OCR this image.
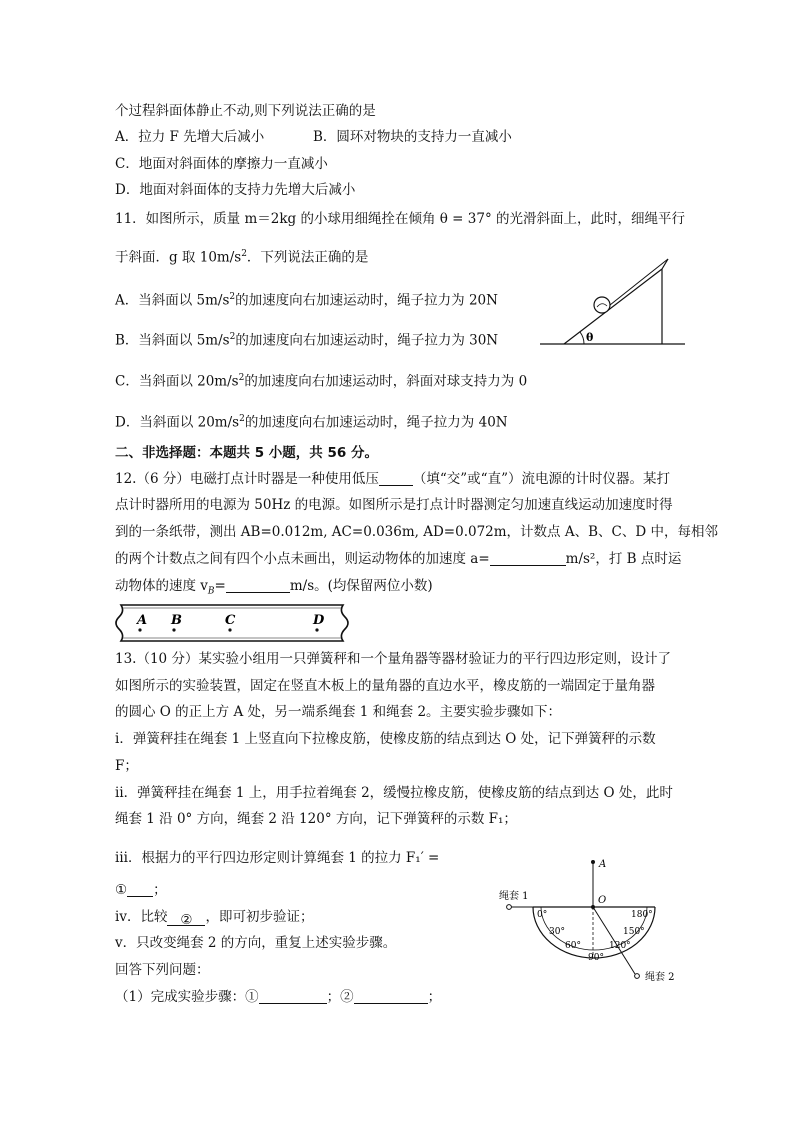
个过程斜面体静止不动,则下列说法正确的是
A．拉力 F 先增大后减小	B．圆环对物块的支持力一直减小
C．地面对斜面体的摩擦力一直减小
D．地面对斜面体的支持力先增大后减小
11．如图所示，质量 m＝2kg 的小球用细绳拴在倾角 θ = 37° 的光滑斜面上，此时，细绳平行
于斜面．g 取 $10m/s^2$．下列说法正确的是
A．当斜面以 $5m/s^2$的加速度向右加速运动时，绳子拉力为 20N
B．当斜面以 $5m/s^2$的加速度向右加速运动时，绳子拉力为 30N
C．当斜面以 $20m/s^2$的加速度向右加速运动时，斜面对球支持力为 0
D．当斜面以 $20m/s^2$的加速度向右加速运动时，绳子拉力为 40N
θ
二、非选择题：本题共 5 小题，共 56 分。
12.（6 分）电磁打点计时器是一种使用低压	（填“交”或“直”）流电源的计时仪器。某打
点计时器所用的电源为 50Hz 的电源。如图所示是打点计时器测定匀加速直线运动加速度时得
到的一条纸带，测出 AB=0.012m, AC=0.036m, AD=0.072m，计数点 A、B、C、D 中，每相邻
的两个计数点之间有四个小点未画出，则运动物体的加速度 a=	m/s²，打 B 点时运
动物体的速度 $v_B=$	m/s。(均保留两位小数)
A B	C	D
13.（10 分）某实验小组用一只弹簧秤和一个量角器等器材验证力的平行四边形定则，设计了
如图所示的实验装置，固定在竖直木板上的量角器的直边水平，橡皮筋的一端固定于量角器
的圆心 O 的正上方 A 处，另一端系绳套 1 和绳套 2。主要实验步骤如下：
ⅰ．弹簧秤挂在绳套 1 上竖直向下拉橡皮筋，使橡皮筋的结点到达 O 处，记下弹簧秤的示数
F；
ⅱ．弹簧秤挂在绳套 1 上，用手拉着绳套 2，缓慢拉橡皮筋，使橡皮筋的结点到达 O 处，此时
绳套 1 沿 0° 方向，绳套 2 沿 120° 方向，记下弹簧秤的示数 F₁；
ⅲ．根据力的平行四边形定则计算绳套 1 的拉力 F₁′ =
① ；
ⅳ．比较 ② ，即可初步验证；
ⅴ．只改变绳套 2 的方向，重复上述实验步骤。
回答下列问题：
（1）完成实验步骤：①	；②	；
A
绳套 1
绳套 2
O
0°
30°
60°
90°
120°
150°
180°
